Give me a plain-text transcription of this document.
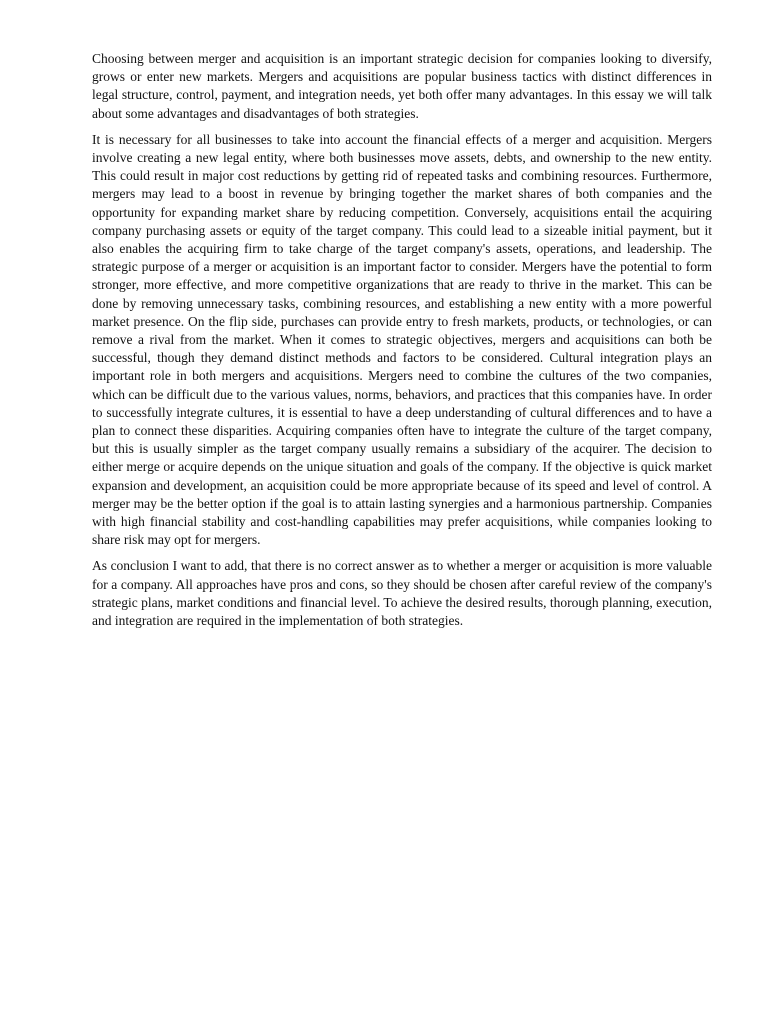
Choosing between merger and acquisition is an important strategic decision for companies looking to diversify, grows or enter new markets. Mergers and acquisitions are popular business tactics with distinct differences in legal structure, control, payment, and integration needs, yet both offer many advantages. In this essay we will talk about some advantages and disadvantages of both strategies.

It is necessary for all businesses to take into account the financial effects of a merger and acquisition. Mergers involve creating a new legal entity, where both businesses move assets, debts, and ownership to the new entity. This could result in major cost reductions by getting rid of repeated tasks and combining resources. Furthermore, mergers may lead to a boost in revenue by bringing together the market shares of both companies and the opportunity for expanding market share by reducing competition. Conversely, acquisitions entail the acquiring company purchasing assets or equity of the target company. This could lead to a sizeable initial payment, but it also enables the acquiring firm to take charge of the target company's assets, operations, and leadership. The strategic purpose of a merger or acquisition is an important factor to consider. Mergers have the potential to form stronger, more effective, and more competitive organizations that are ready to thrive in the market. This can be done by removing unnecessary tasks, combining resources, and establishing a new entity with a more powerful market presence. On the flip side, purchases can provide entry to fresh markets, products, or technologies, or can remove a rival from the market. When it comes to strategic objectives, mergers and acquisitions can both be successful, though they demand distinct methods and factors to be considered. Cultural integration plays an important role in both mergers and acquisitions. Mergers need to combine the cultures of the two companies, which can be difficult due to the various values, norms, behaviors, and practices that this companies have. In order to successfully integrate cultures, it is essential to have a deep understanding of cultural differences and to have a plan to connect these disparities. Acquiring companies often have to integrate the culture of the target company, but this is usually simpler as the target company usually remains a subsidiary of the acquirer. The decision to either merge or acquire depends on the unique situation and goals of the company. If the objective is quick market expansion and development, an acquisition could be more appropriate because of its speed and level of control. A merger may be the better option if the goal is to attain lasting synergies and a harmonious partnership. Companies with high financial stability and cost-handling capabilities may prefer acquisitions, while companies looking to share risk may opt for mergers.

As conclusion I want to add, that there is no correct answer as to whether a merger or acquisition is more valuable for a company. All approaches have pros and cons, so they should be chosen after careful review of the company's strategic plans, market conditions and financial level. To achieve the desired results, thorough planning, execution, and integration are required in the implementation of both strategies.
